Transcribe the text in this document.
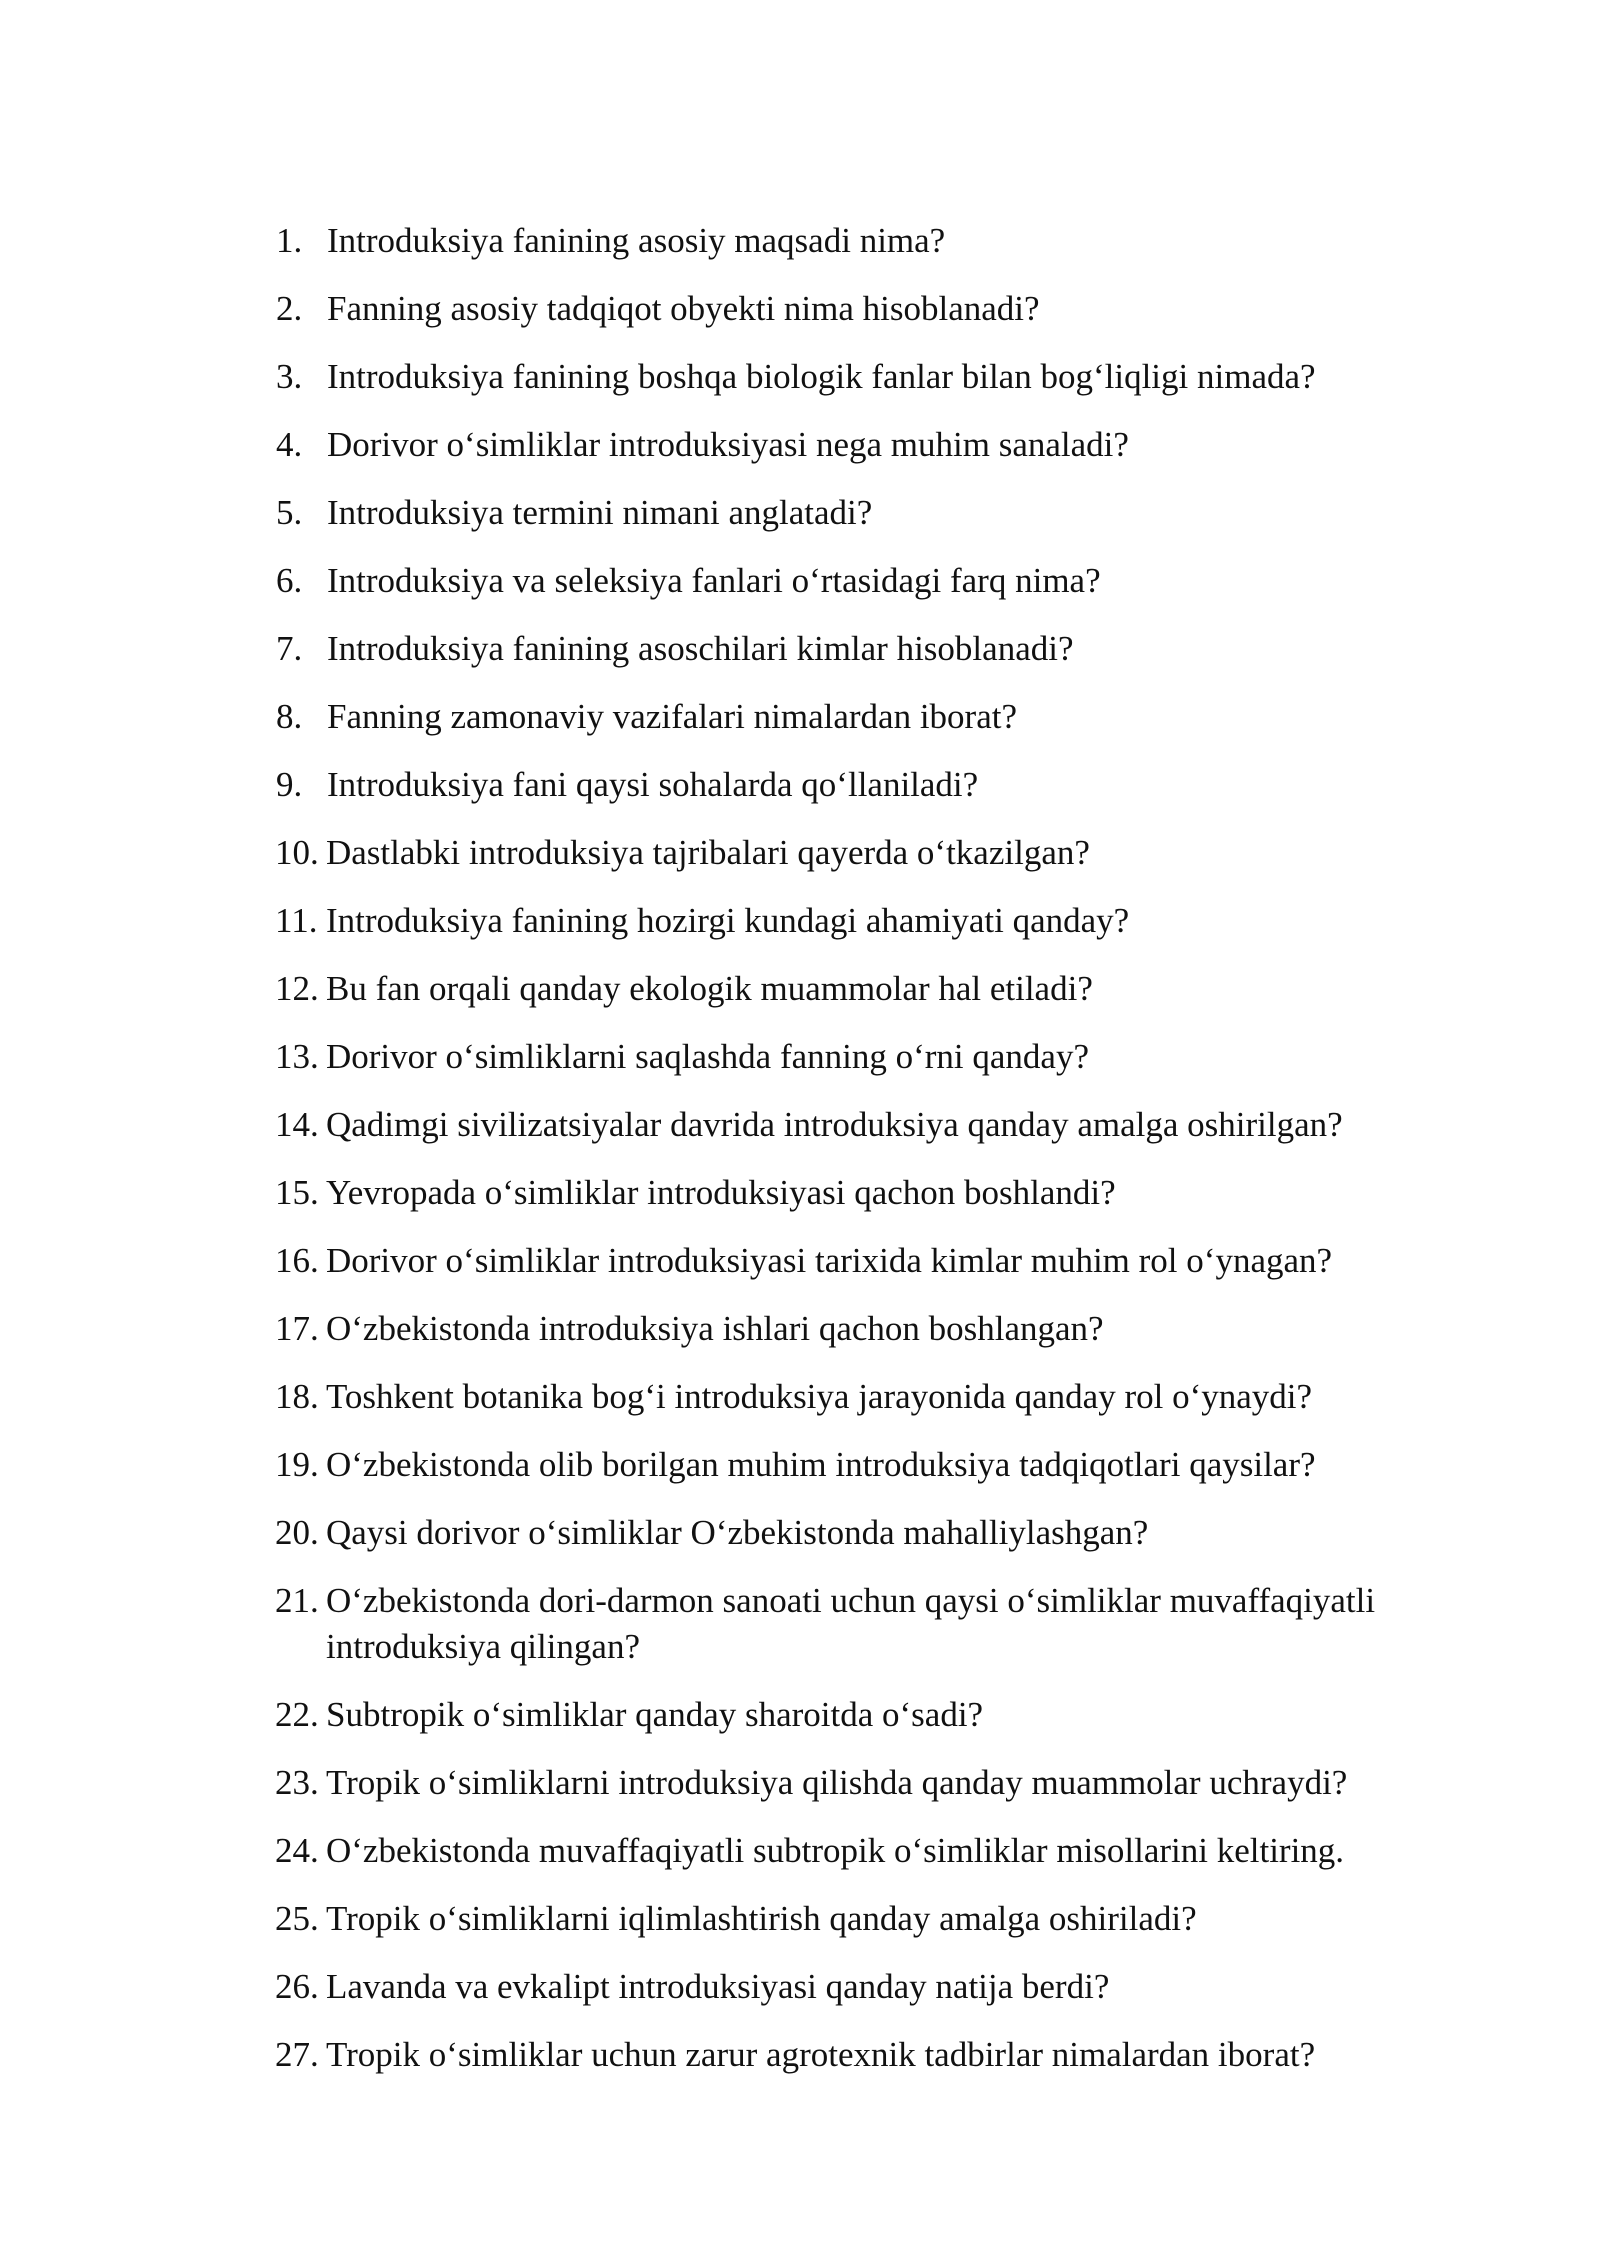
1. Introduksiya fanining asosiy maqsadi nima?
2. Fanning asosiy tadqiqot obyekti nima hisoblanadi?
3. Introduksiya fanining boshqa biologik fanlar bilan bog‘liqligi nimada?
4. Dorivor o‘simliklar introduksiyasi nega muhim sanaladi?
5. Introduksiya termini nimani anglatadi?
6. Introduksiya va seleksiya fanlari o‘rtasidagi farq nima?
7. Introduksiya fanining asoschilari kimlar hisoblanadi?
8. Fanning zamonaviy vazifalari nimalardan iborat?
9. Introduksiya fani qaysi sohalarda qo‘llaniladi?
10. Dastlabki introduksiya tajribalari qayerda o‘tkazilgan?
11. Introduksiya fanining hozirgi kundagi ahamiyati qanday?
12. Bu fan orqali qanday ekologik muammolar hal etiladi?
13. Dorivor o‘simliklarni saqlashda fanning o‘rni qanday?
14. Qadimgi sivilizatsiyalar davrida introduksiya qanday amalga oshirilgan?
15. Yevropada o‘simliklar introduksiyasi qachon boshlandi?
16. Dorivor o‘simliklar introduksiyasi tarixida kimlar muhim rol o‘ynagan?
17. O‘zbekistonda introduksiya ishlari qachon boshlangan?
18. Toshkent botanika bog‘i introduksiya jarayonida qanday rol o‘ynaydi?
19. O‘zbekistonda olib borilgan muhim introduksiya tadqiqotlari qaysilar?
20. Qaysi dorivor o‘simliklar O‘zbekistonda mahalliylashgan?
21. O‘zbekistonda dori-darmon sanoati uchun qaysi o‘simliklar muvaffaqiyatli introduksiya qilingan?
22. Subtropik o‘simliklar qanday sharoitda o‘sadi?
23. Tropik o‘simliklarni introduksiya qilishda qanday muammolar uchraydi?
24. O‘zbekistonda muvaffaqiyatli subtropik o‘simliklar misollarini keltiring.
25. Tropik o‘simliklarni iqlimlashtirish qanday amalga oshiriladi?
26. Lavanda va evkalipt introduksiyasi qanday natija berdi?
27. Tropik o‘simliklar uchun zarur agrotexnik tadbirlar nimalardan iborat?
